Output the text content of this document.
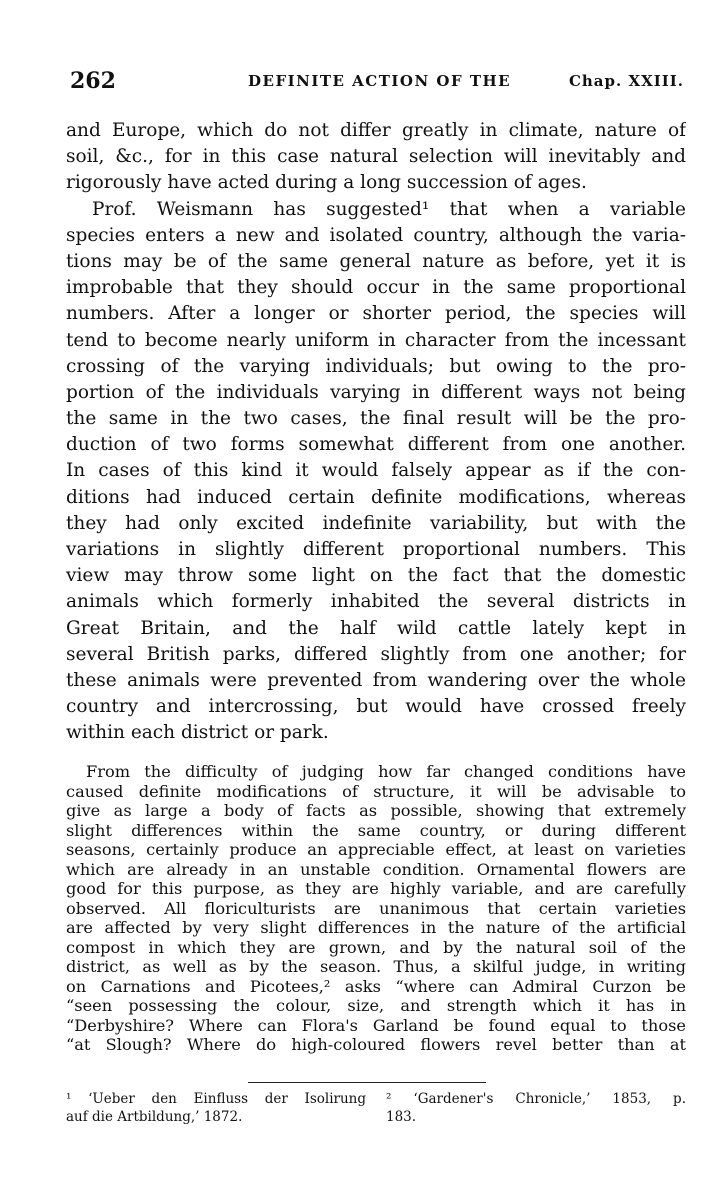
262	DEFINITE ACTION OF THE	Chap. XXIII.
and Europe, which do not differ greatly in climate, nature of
soil, &c., for in this case natural selection will inevitably and
rigorously have acted during a long succession of ages.
Prof. Weismann has suggested¹ that when a variable
species enters a new and isolated country, although the varia-
tions may be of the same general nature as before, yet it is
improbable that they should occur in the same proportional
numbers. After a longer or shorter period, the species will
tend to become nearly uniform in character from the incessant
crossing of the varying individuals; but owing to the pro-
portion of the individuals varying in different ways not being
the same in the two cases, the final result will be the pro-
duction of two forms somewhat different from one another.
In cases of this kind it would falsely appear as if the con-
ditions had induced certain definite modifications, whereas
they had only excited indefinite variability, but with the
variations in slightly different proportional numbers. This
view may throw some light on the fact that the domestic
animals which formerly inhabited the several districts in
Great Britain, and the half wild cattle lately kept in
several British parks, differed slightly from one another; for
these animals were prevented from wandering over the whole
country and intercrossing, but would have crossed freely
within each district or park.
From the difficulty of judging how far changed conditions have
caused definite modifications of structure, it will be advisable to
give as large a body of facts as possible, showing that extremely
slight differences within the same country, or during different
seasons, certainly produce an appreciable effect, at least on varieties
which are already in an unstable condition. Ornamental flowers are
good for this purpose, as they are highly variable, and are carefully
observed. All floriculturists are unanimous that certain varieties
are affected by very slight differences in the nature of the artificial
compost in which they are grown, and by the natural soil of the
district, as well as by the season. Thus, a skilful judge, in writing
on Carnations and Picotees,² asks “where can Admiral Curzon be
“seen possessing the colour, size, and strength which it has in
“Derbyshire? Where can Flora's Garland be found equal to those
“at Slough? Where do high-coloured flowers revel better than at
¹ ‘Ueber den Einfluss der Isolirung
auf die Artbildung,’ 1872.
² ‘Gardener's Chronicle,’ 1853, p.
183.
